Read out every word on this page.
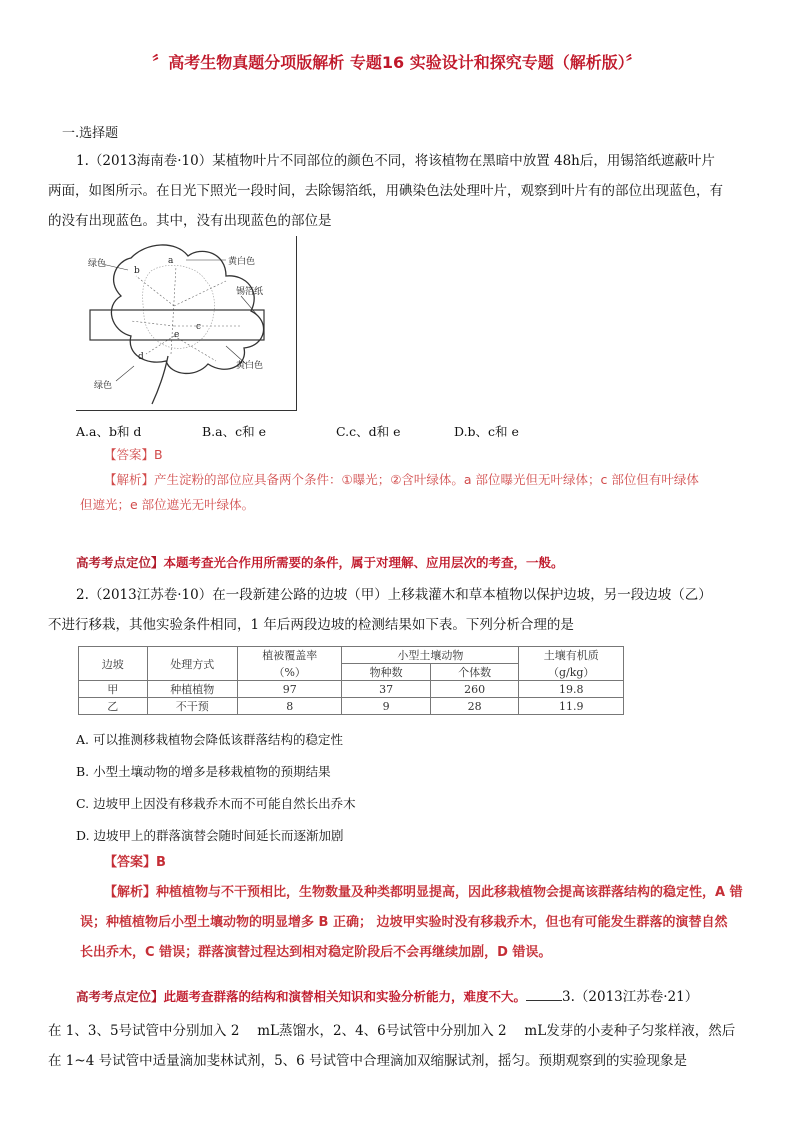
〞高考生物真题分项版解析 专题16 实验设计和探究专题（解析版）〞
一.选择题
1.（2013海南卷·10）某植物叶片不同部位的颜色不同，将该植物在黑暗中放置 48h后，用锡箔纸遮蔽叶片
两面，如图所示。在日光下照光一段时间，去除锡箔纸，用碘染色法处理叶片，观察到叶片有的部位出现蓝色，有
的没有出现蓝色。其中，没有出现蓝色的部位是
绿色	黄白色
锡箔纸
黄白色
绿色
a
b
c
d
e
A.a、b和 d	B.a、c和 e	C.c、d和 e	D.b、c和 e
【答案】B
【解析】产生淀粉的部位应具备两个条件：①曝光；②含叶绿体。a 部位曝光但无叶绿体；c 部位但有叶绿体
但遮光；e 部位遮光无叶绿体。
高考考点定位】本题考查光合作用所需要的条件，属于对理解、应用层次的考查，一般。
2.（2013江苏卷·10）在一段新建公路的边坡（甲）上移栽灌木和草本植物以保护边坡，另一段边坡（乙）
不进行移栽，其他实验条件相同，1 年后两段边坡的检测结果如下表。下列分析合理的是
边坡	处理方式	植被覆盖率	小型土壤动物		土壤有机质
		（%）	物种数	个体数	（g/kg）
甲	种植植物	97	37	260	19.8
乙	不干预	8	9	28	11.9
A. 可以推测移栽植物会降低该群落结构的稳定性
B. 小型土壤动物的增多是移栽植物的预期结果
C. 边坡甲上因没有移栽乔木而不可能自然长出乔木
D. 边坡甲上的群落演替会随时间延长而逐渐加剧
【答案】B
【解析】种植植物与不干预相比，生物数量及种类都明显提高，因此移栽植物会提高该群落结构的稳定性，A 错
误；种植植物后小型土壤动物的明显增多 B 正确； 边坡甲实验时没有移栽乔木，但也有可能发生群落的演替自然
长出乔木，C 错误；群落演替过程达到相对稳定阶段后不会再继续加剧，D 错误。
高考考点定位】此题考查群落的结构和演替相关知识和实验分析能力，难度不大。	3.（2013江苏卷·21）
在 1、3、5号试管中分别加入 2　 mL蒸馏水，2、4、6号试管中分别加入 2　 mL发芽的小麦种子匀浆样液，然后
在 1~4 号试管中适量滴加斐林试剂，5、6 号试管中合理滴加双缩脲试剂，摇匀。预期观察到的实验现象是
